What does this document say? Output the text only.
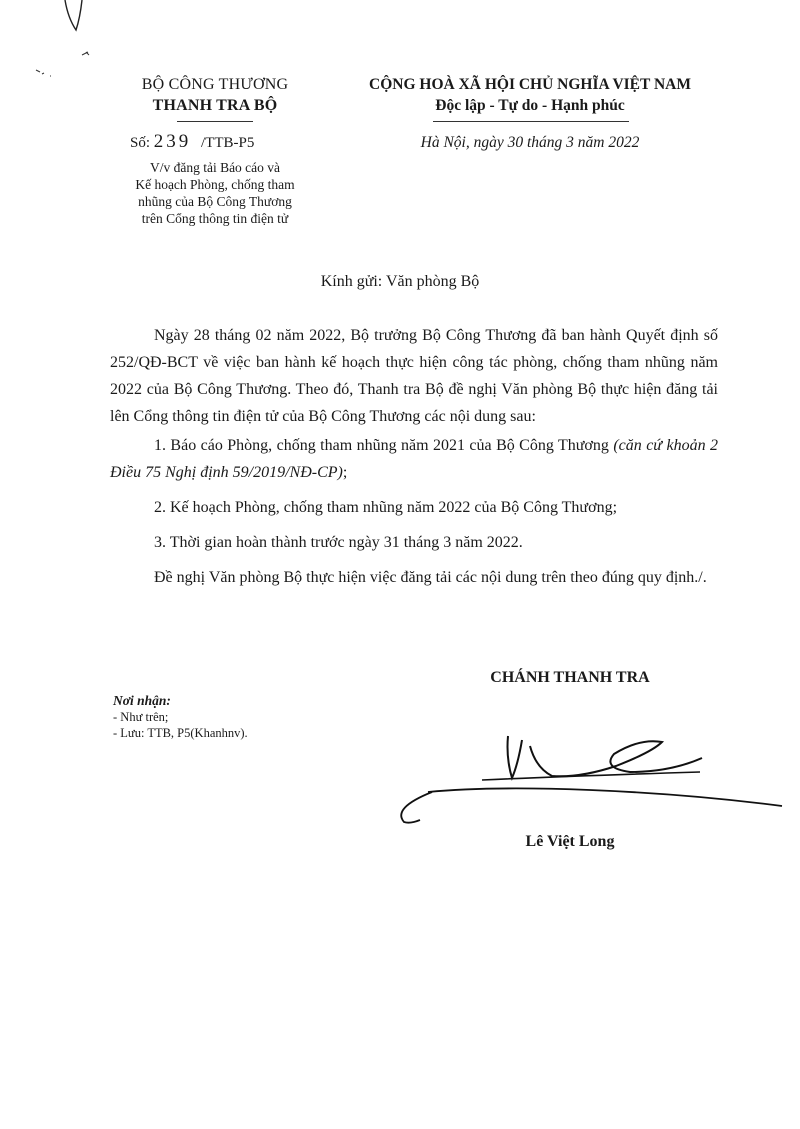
BỘ CÔNG THƯƠNG
THANH TRA BỘ
Số: 239 /TTB-P5
V/v đăng tải Báo cáo và
Kế hoạch Phòng, chống tham
nhũng của Bộ Công Thương
trên Cổng thông tin điện tử
CỘNG HOÀ XÃ HỘI CHỦ NGHĨA VIỆT NAM
Độc lập - Tự do - Hạnh phúc
Hà Nội, ngày 30 tháng 3 năm 2022
Kính gửi: Văn phòng Bộ

Ngày 28 tháng 02 năm 2022, Bộ trưởng Bộ Công Thương đã ban hành Quyết định số 252/QĐ-BCT về việc ban hành kế hoạch thực hiện công tác phòng, chống tham nhũng năm 2022 của Bộ Công Thương. Theo đó, Thanh tra Bộ đề nghị Văn phòng Bộ thực hiện đăng tải lên Cổng thông tin điện tử của Bộ Công Thương các nội dung sau:

1. Báo cáo Phòng, chống tham nhũng năm 2021 của Bộ Công Thương (căn cứ khoản 2 Điều 75 Nghị định 59/2019/NĐ-CP);

2. Kế hoạch Phòng, chống tham nhũng năm 2022 của Bộ Công Thương;

3. Thời gian hoàn thành trước ngày 31 tháng 3 năm 2022.

Đề nghị Văn phòng Bộ thực hiện việc đăng tải các nội dung trên theo đúng quy định./.

CHÁNH THANH TRA
Lê Việt Long
Nơi nhận:
- Như trên;
- Lưu: TTB, P5(Khanhnv).
